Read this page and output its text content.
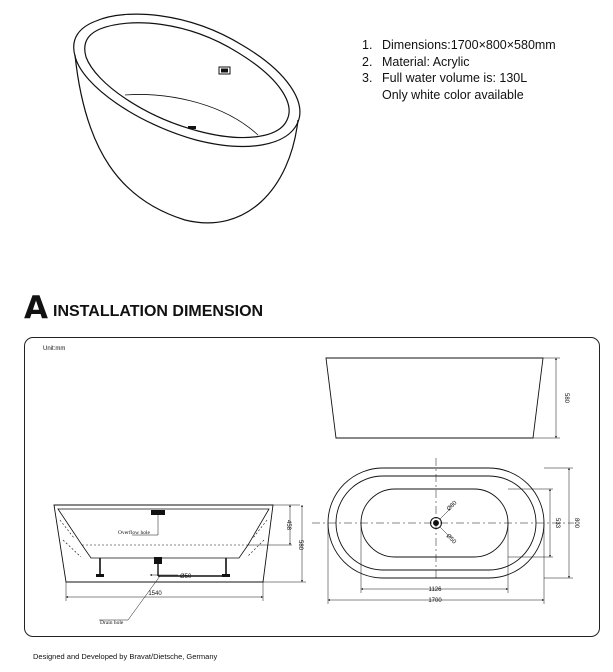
1. Dimensions:1700×800×580mm
2. Material: Acrylic
3. Full water volume is: 130L
Only white color available
A INSTALLATION DIMENSION
Unit:mm
580
Overflow hole
Drain hole
Ø50
458
580
1540
Ø80
Ø50
533 800
1126
1700
Designed and Developed by Bravat/Dietsche, Germany
